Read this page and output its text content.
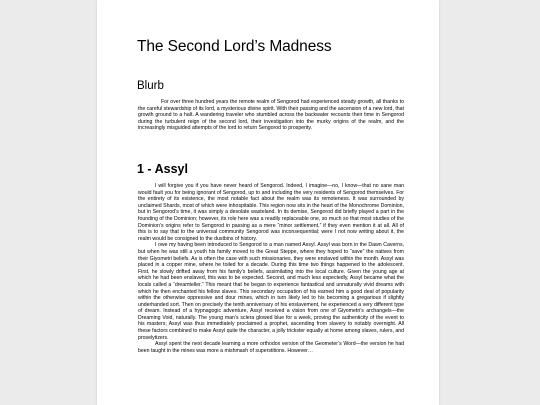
The Second Lord’s Madness
Blurb

For over three hundred years the remote realm of Sengorod had experienced steady growth, all thanks to the careful stewardship of its lord, a mysterious divine spirit. With their passing and the ascension of a new lord, that growth ground to a halt. A wandering traveler who stumbled across the backwater recounts their time in Sengorod during the turbulent reign of the second lord, their investigation into the murky origins of the realm, and the increasingly misguided attempts of the lord to return Sengorod to prosperity.

1 - Assyl

I will forgive you if you have never heard of Sengorod. Indeed, I imagine—no, I know—that no sane man would fault you for being ignorant of Sengorod, up to and including the very residents of Sengorod themselves. For the entirety of its existence, the most notable fact about the realm was its remoteness. It was surrounded by unclaimed Shards, most of which were inhospitable. This region now sits in the heart of the Monochrome Dominion, but in Sengorod’s time, it was simply a desolate wasteland. In its demise, Sengorod did briefly played a part in the founding of the Dominion; however, its role here was a readily replaceable one, so much so that most studies of the Dominion’s origins refer to Sengorod in passing as a mere “minor settlement,” if they even mention it at all. All of this is to say that to the universal community Sengorod was inconsequential; were I not now writing about it, the realm would be consigned to the dustbins of history.

I owe my having been introduced to Sengorod to a man named Assyl. Assyl was born in the Dawn Caverns, but when he was still a youth his family moved to the Great Steppe, where they hoped to “save” the natives from their Giyometri beliefs. As is often the case with such missionaries, they were enslaved within the month. Assyl was placed in a copper mine, where he toiled for a decade. During this time two things happened to the adolescent. First, he slowly drifted away from his family’s beliefs, assimilating into the local culture. Given the young age at which he had been enslaved, this was to be expected. Second, and much less expectedly, Assyl became what the locals called a “dreamteller.” This meant that he began to experience fantastical and unnaturally vivid dreams with which he then enchanted his fellow slaves. This secondary occupation of his earned him a good deal of popularity within the otherwise oppressive and dour mines, which in turn likely led to his becoming a gregarious if slightly underhanded sort. Then on precisely the tenth anniversary of his enslavement, he experienced a very different type of dream. Instead of a hypnagogic adventure, Assyl received a vision from one of Giyometri’s archangels—the Dreaming Void, naturally. The young man’s sclera glowed blue for a week, proving the authenticity of the event to his masters; Assyl was thus immediately proclaimed a prophet, ascending from slavery to notably overnight. All these factors combined to make Assyl quite the character, a jolly trickster equally at home among slaves, rulers, and proselytizers.

Assyl spent the next decade learning a more orthodox version of the Geometer’s Word—the version he had been taught in the mines was more a mishmash of superstitions. However…
